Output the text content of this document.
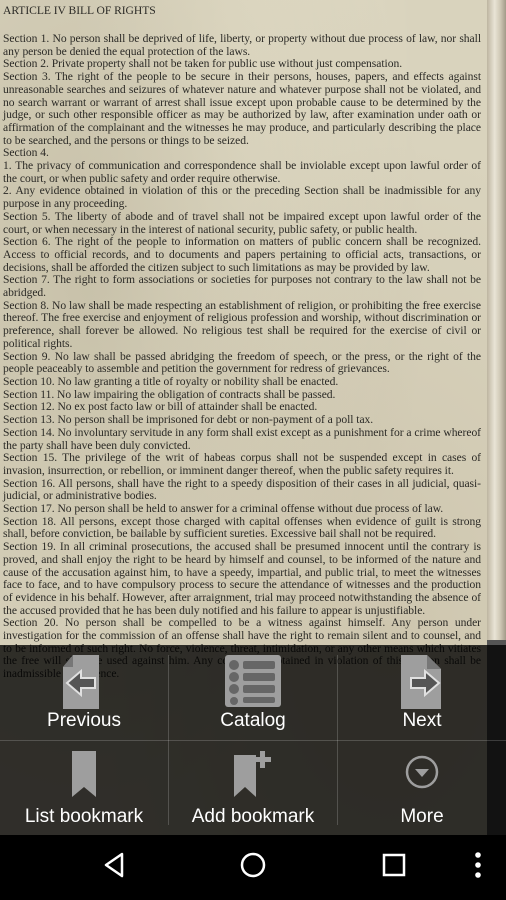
ARTICLE IV BILL OF RIGHTS

Section 1. No person shall be deprived of life, liberty, or property without due process of law, nor shall any person be denied the equal protection of the laws.

Section 2. Private property shall not be taken for public use without just compensation.

Section 3. The right of the people to be secure in their persons, houses, papers, and effects against unreasonable searches and seizures of whatever nature and whatever purpose shall not be violated, and no search warrant or warrant of arrest shall issue except upon probable cause to be determined by the judge, or such other responsible officer as may be authorized by law, after examination under oath or affirmation of the complainant and the witnesses he may produce, and particularly describing the place to be searched, and the persons or things to be seized.

Section 4.

1. The privacy of communication and correspondence shall be inviolable except upon lawful order of the court, or when public safety and order require otherwise.

2. Any evidence obtained in violation of this or the preceding Section shall be inadmissible for any purpose in any proceeding.

Section 5. The liberty of abode and of travel shall not be impaired except upon lawful order of the court, or when necessary in the interest of national security, public safety, or public health.

Section 6. The right of the people to information on matters of public concern shall be recognized. Access to official records, and to documents and papers pertaining to official acts, transactions, or decisions, shall be afforded the citizen subject to such limitations as may be provided by law.

Section 7. The right to form associations or societies for purposes not contrary to the law shall not be abridged.

Section 8. No law shall be made respecting an establishment of religion, or prohibiting the free exercise thereof. The free exercise and enjoyment of religious profession and worship, without discrimination or preference, shall forever be allowed. No religious test shall be required for the exercise of civil or political rights.

Section 9. No law shall be passed abridging the freedom of speech, or the press, or the right of the people peaceably to assemble and petition the government for redress of grievances.

Section 10. No law granting a title of royalty or nobility shall be enacted.

Section 11. No law impairing the obligation of contracts shall be passed.

Section 12. No ex post facto law or bill of attainder shall be enacted.

Section 13. No person shall be imprisoned for debt or non-payment of a poll tax.

Section 14. No involuntary servitude in any form shall exist except as a punishment for a crime whereof the party shall have been duly convicted.

Section 15. The privilege of the writ of habeas corpus shall not be suspended except in cases of invasion, insurrection, or rebellion, or imminent danger thereof, when the public safety requires it.

Section 16. All persons, shall have the right to a speedy disposition of their cases in all judicial, quasi-judicial, or administrative bodies.

Section 17. No person shall be held to answer for a criminal offense without due process of law.

Section 18. All persons, except those charged with capital offenses when evidence of guilt is strong shall, before conviction, be bailable by sufficient sureties. Excessive bail shall not be required.

Section 19. In all criminal prosecutions, the accused shall be presumed innocent until the contrary is proved, and shall enjoy the right to be heard by himself and counsel, to be informed of the nature and cause of the accusation against him, to have a speedy, impartial, and public trial, to meet the witnesses face to face, and to have compulsory process to secure the attendance of witnesses and the production of evidence in his behalf. However, after arraignment, trial may proceed notwithstanding the absence of the accused provided that he has been duly notified and his failure to appear is unjustifiable.

Section 20. No person shall be compelled to be a witness against himself. Any person under investigation for the commission of an offense shall have the right to remain silent and to counsel, and

Previous	Catalog	Next
List bookmark	Add bookmark	More
